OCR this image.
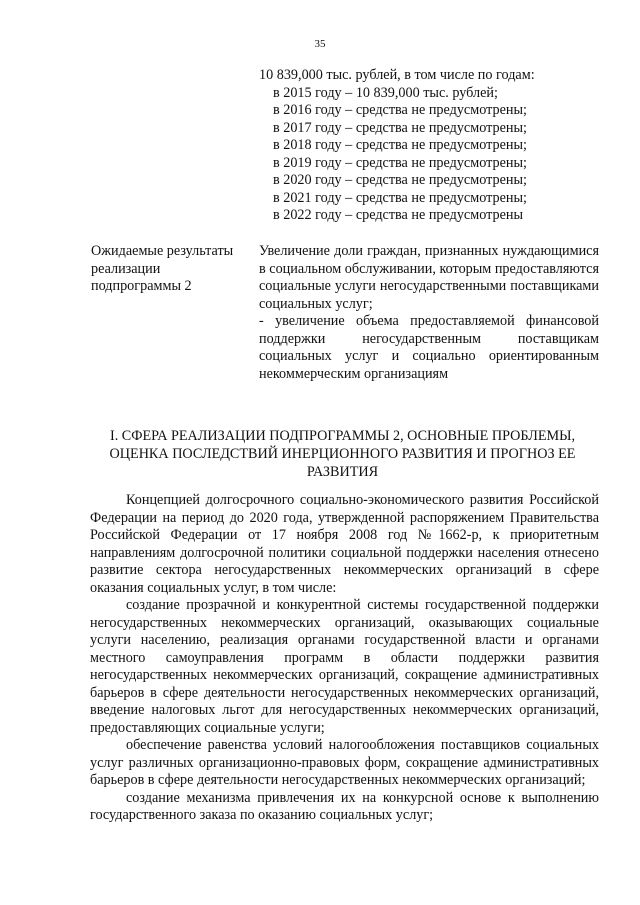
35
10 839,000 тыс. рублей, в том числе по годам:
в 2015 году – 10 839,000 тыс. рублей;
в 2016 году – средства не предусмотрены;
в 2017 году – средства не предусмотрены;
в 2018 году – средства не предусмотрены;
в 2019 году – средства не предусмотрены;
в 2020 году – средства не предусмотрены;
в 2021 году – средства не предусмотрены;
в 2022 году – средства не предусмотрены
Ожидаемые результаты реализации подпрограммы 2
Увеличение доли граждан, признанных нуждающимися в социальном обслуживании, которым предоставляются социальные услуги негосударственными поставщиками социальных услуг;
- увеличение объема предоставляемой финансовой поддержки негосударственным поставщикам социальных услуг и социально ориентированным некоммерческим организациям
I. СФЕРА РЕАЛИЗАЦИИ ПОДПРОГРАММЫ 2, ОСНОВНЫЕ ПРОБЛЕМЫ, ОЦЕНКА ПОСЛЕДСТВИЙ ИНЕРЦИОННОГО РАЗВИТИЯ И ПРОГНОЗ ЕЕ РАЗВИТИЯ

Концепцией долгосрочного социально-экономического развития Российской Федерации на период до 2020 года, утвержденной распоряжением Правительства Российской Федерации от 17 ноября 2008 год №1662-р, к приоритетным направлениям долгосрочной политики социальной поддержки населения отнесено развитие сектора негосударственных некоммерческих организаций в сфере оказания социальных услуг, в том числе:

создание прозрачной и конкурентной системы государственной поддержки негосударственных некоммерческих организаций, оказывающих социальные услуги населению, реализация органами государственной власти и органами местного самоуправления программ в области поддержки развития негосударственных некоммерческих организаций, сокращение административных барьеров в сфере деятельности негосударственных некоммерческих организаций, введение налоговых льгот для негосударственных некоммерческих организаций, предоставляющих социальные услуги;

обеспечение равенства условий налогообложения поставщиков социальных услуг различных организационно-правовых форм, сокращение административных барьеров в сфере деятельности негосударственных некоммерческих организаций;

создание механизма привлечения их на конкурсной основе к выполнению государственного заказа по оказанию социальных услуг;
